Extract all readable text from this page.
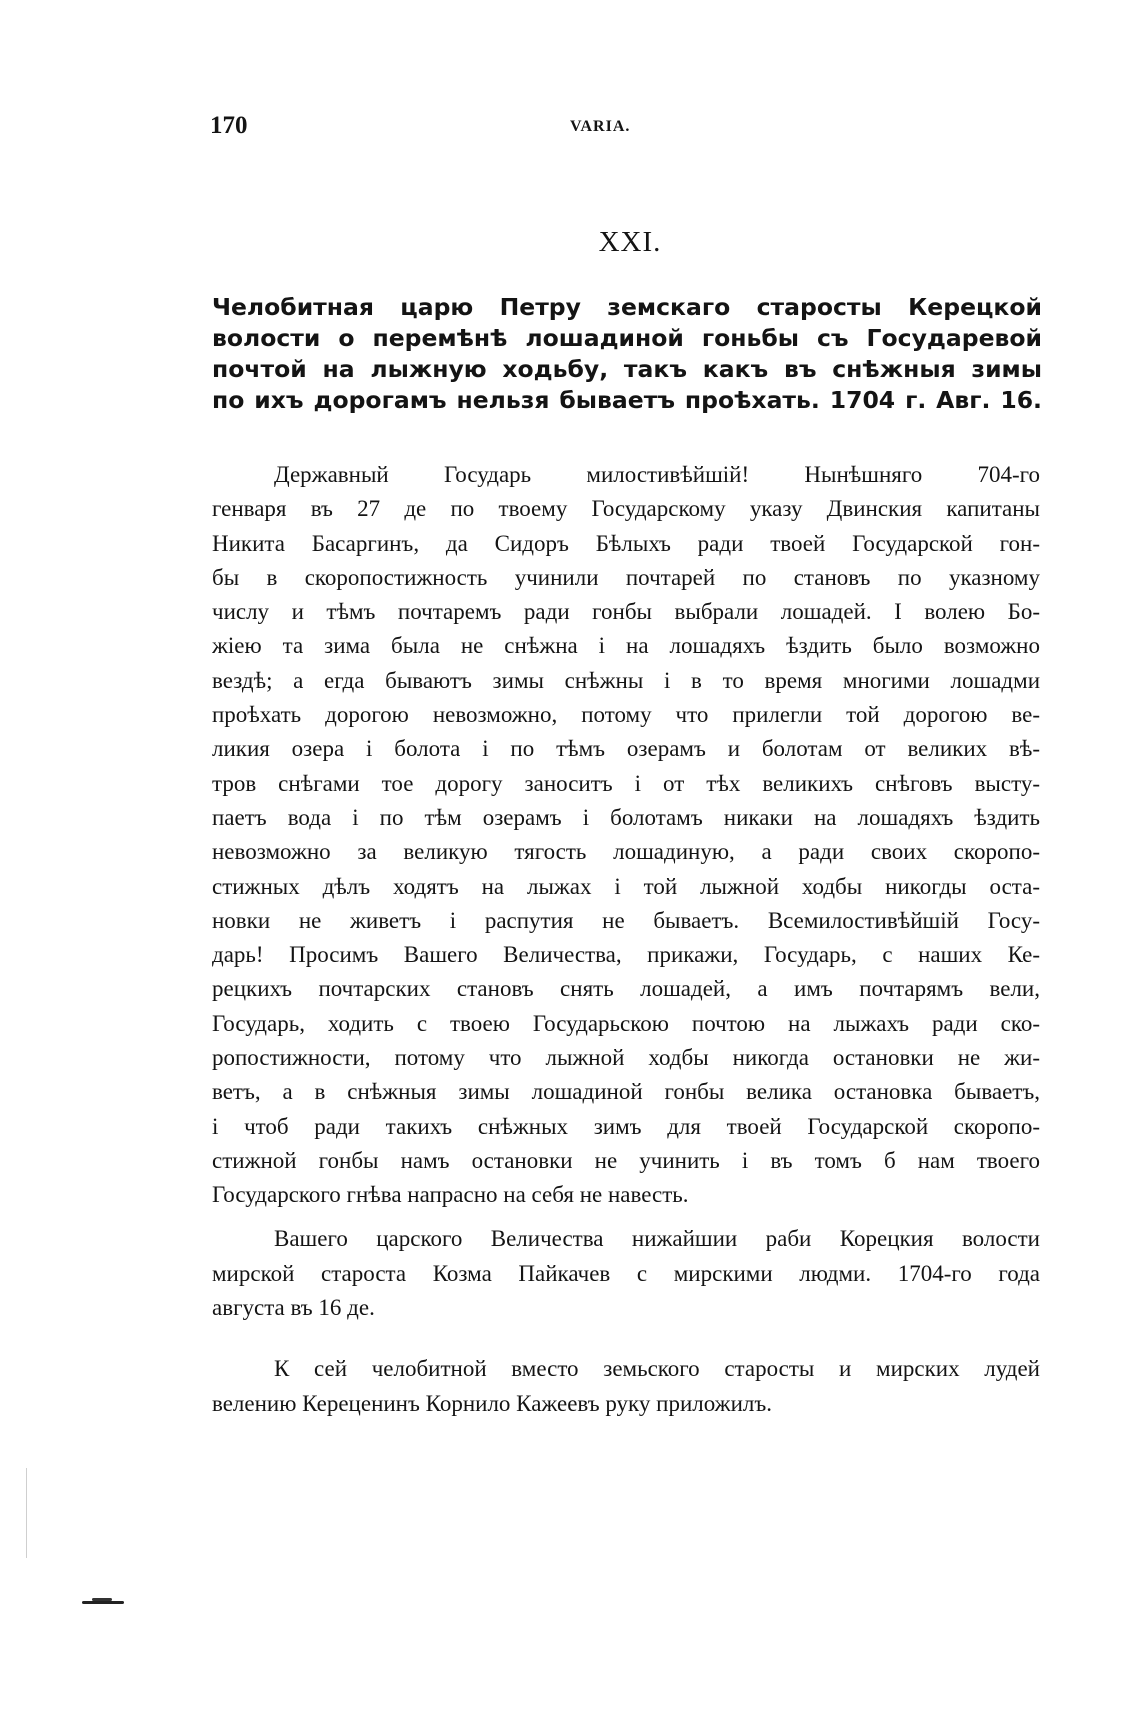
170	VARIA.
XXI.
Челобитная царю Петру земскаго старосты Керецкой
волости о перемѣнѣ лошадиной гоньбы съ Государевой
почтой на лыжную ходьбу, такъ какъ въ снѣжныя зимы
по ихъ дорогамъ нельзя бываетъ проѣхать. 1704 г. Авг. 16.
Державный Государь милостивѣйшій! Нынѣшняго 704-го
генваря въ 27 де по твоему Государскому указу Двинския капитаны
Никита Басаргинъ, да Сидоръ Бѣлыхъ ради твоей Государской гон-
бы в скоропостижность учинили почтарей по становъ по указному
числу и тѣмъ почтаремъ ради гонбы выбрали лошадей. І волею Бо-
жіею та зима была не снѣжна і на лошадяхъ ѣздить было возможно
вездѣ; а егда бываютъ зимы снѣжны і в то время многими лошадми
проѣхать дорогою невозможно, потому что прилегли той дорогою ве-
ликия озера і болота і по тѣмъ озерамъ и болотам от великих вѣ-
тров снѣгами тое дорогу заноситъ і от тѣх великихъ снѣговъ высту-
паетъ вода і по тѣм озерамъ і болотамъ никаки на лошадяхъ ѣздить
невозможно за великую тягость лошадиную, а ради своих скоропо-
стижных дѣлъ ходятъ на лыжах і той лыжной ходбы никогды оста-
новки не живетъ і распутия не бываетъ. Всемилостивѣйшій Госу-
дарь! Просимъ Вашего Величества, прикажи, Государь, с наших Ке-
рецкихъ почтарских становъ снять лошадей, а имъ почтарямъ вели,
Государь, ходить с твоею Государьскою почтою на лыжахъ ради ско-
ропостижности, потому что лыжной ходбы никогда остановки не жи-
ветъ, а в снѣжныя зимы лошадиной гонбы велика остановка бываетъ,
і чтоб ради такихъ снѣжных зимъ для твоей Государской скоропо-
стижной гонбы намъ остановки не учинить і въ томъ б нам твоего
Государского гнѣва напрасно на себя не навесть.
Вашего царского Величества нижайшии раби Корецкия волости
мирской староста Козма Пайкачев с мирскими людми. 1704-го года
августа въ 16 де.
К сей челобитной вместо земьского старосты и мирских лудей
велению Кереценинъ Корнило Кажеевъ руку приложилъ.
